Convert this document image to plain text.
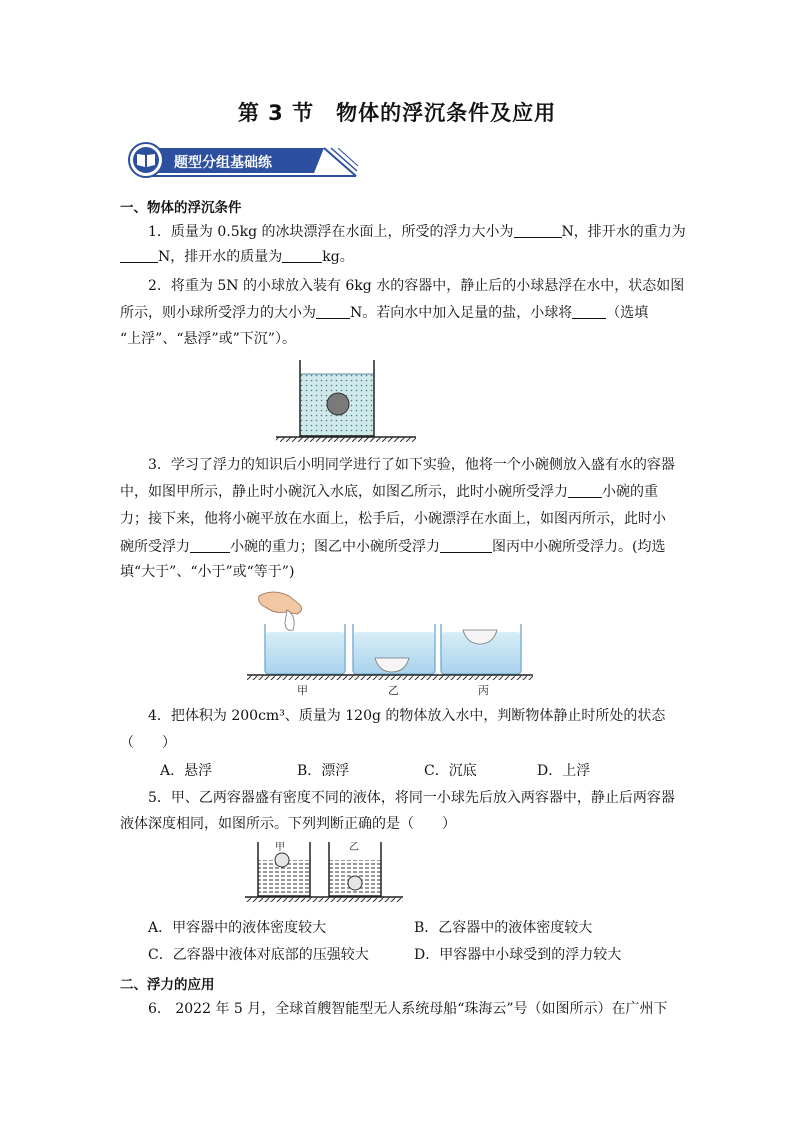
第 3 节　物体的浮沉条件及应用
题型分组基础练
一、物体的浮沉条件
1．质量为 0.5kg 的冰块漂浮在水面上，所受的浮力大小为	N，排开水的重力为
N，排开水的质量为	kg。
2．将重为 5N 的小球放入装有 6kg 水的容器中，静止后的小球悬浮在水中，状态如图
所示，则小球所受浮力的大小为 N。若向水中加入足量的盐，小球将 （选填
“上浮”、“悬浮”或”下沉”）。
3．学习了浮力的知识后小明同学进行了如下实验，他将一个小碗侧放入盛有水的容器
中，如图甲所示，静止时小碗沉入水底，如图乙所示，此时小碗所受浮力 小碗的重
力；接下来，他将小碗平放在水面上，松手后，小碗漂浮在水面上，如图丙所示，此时小
碗所受浮力	小碗的重力；图乙中小碗所受浮力	图丙中小碗所受浮力。(均选
填“大于”、“小于”或“等于”)
甲	乙	丙
4．把体积为 200cm³、质量为 120g 的物体放入水中，判断物体静止时所处的状态
（　　）
A．悬浮	B．漂浮	C．沉底	D．上浮
5．甲、乙两容器盛有密度不同的液体，将同一小球先后放入两容器中，静止后两容器
液体深度相同，如图所示。下列判断正确的是（　　）
甲	乙
A．甲容器中的液体密度较大	B．乙容器中的液体密度较大
C．乙容器中液体对底部的压强较大	D．甲容器中小球受到的浮力较大
二、浮力的应用
6.　2022 年 5 月，全球首艘智能型无人系统母船“珠海云”号（如图所示）在广州下
